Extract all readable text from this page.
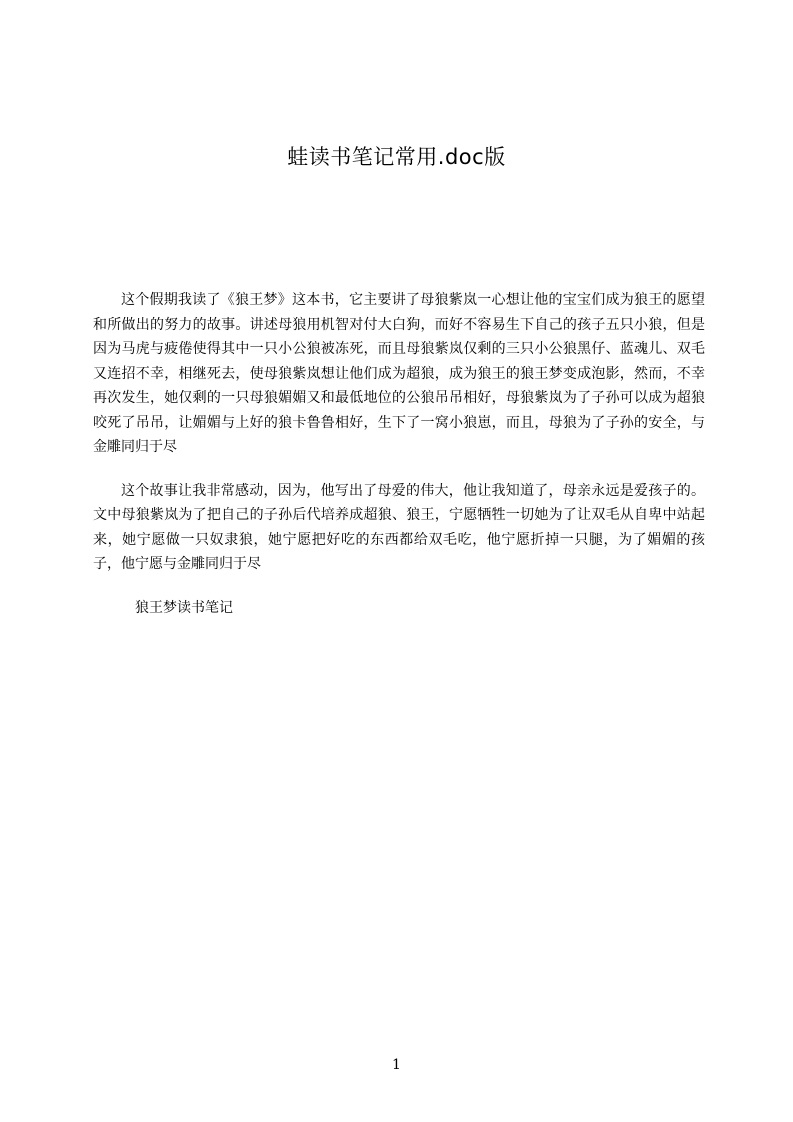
蛙读书笔记常用.doc版

这个假期我读了《狼王梦》这本书，它主要讲了母狼紫岚一心想让他的宝宝们成为狼王的愿望和所做出的努力的故事。讲述母狼用机智对付大白狗，而好不容易生下自己的孩子五只小狼，但是因为马虎与疲倦使得其中一只小公狼被冻死，而且母狼紫岚仅剩的三只小公狼黑仔、蓝魂儿、双毛又连招不幸，相继死去，使母狼紫岚想让他们成为超狼，成为狼王的狼王梦变成泡影，然而，不幸再次发生，她仅剩的一只母狼媚媚又和最低地位的公狼吊吊相好，母狼紫岚为了子孙可以成为超狼咬死了吊吊，让媚媚与上好的狼卡鲁鲁相好，生下了一窝小狼崽，而且，母狼为了子孙的安全，与金雕同归于尽

这个故事让我非常感动，因为，他写出了母爱的伟大，他让我知道了，母亲永远是爱孩子的。文中母狼紫岚为了把自己的子孙后代培养成超狼、狼王，宁愿牺牲一切她为了让双毛从自卑中站起来，她宁愿做一只奴隶狼，她宁愿把好吃的东西都给双毛吃，他宁愿折掉一只腿，为了媚媚的孩子，他宁愿与金雕同归于尽

狼王梦读书笔记

1
